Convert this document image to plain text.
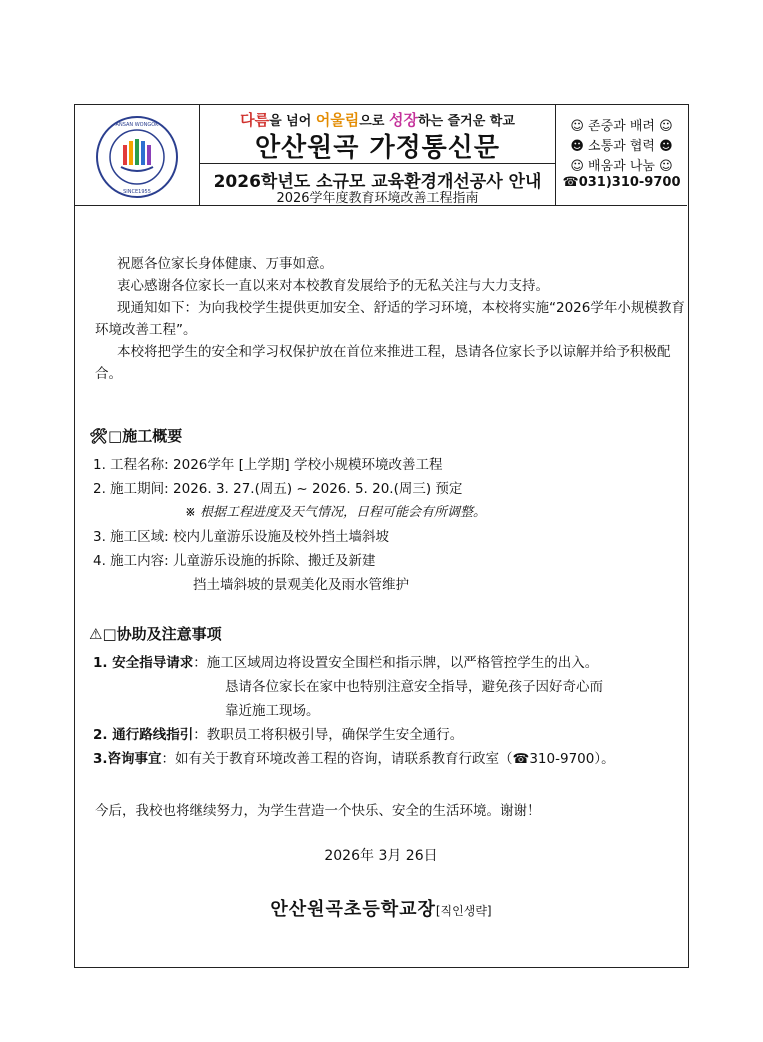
ANSAN WONGOK
SINCE1955
다름을 넘어 어울림으로 성장하는 즐거운 학교
안산원곡 가정통신문
2026학년도 소규모 교육환경개선공사 안내
2026学年度教育环境改善工程指南
☺ 존중과 배려 ☺
☻ 소통과 협력 ☻
☺ 배움과 나눔 ☺
☎031)310-9700

祝愿各位家长身体健康、万事如意。

衷心感谢各位家长一直以来对本校教育发展给予的无私关注与大力支持。

现通知如下：为向我校学生提供更加安全、舒适的学习环境，本校将实施“2026学年小规模教育环境改善工程”。

本校将把学生的安全和学习权保护放在首位来推进工程，恳请各位家长予以谅解并给予积极配合。

🛠□施工概要
1. 工程名称: 2026学年 [上学期] 学校小规模环境改善工程
2. 施工期间: 2026. 3. 27.(周五) ~ 2026. 5. 20.(周三) 预定
※ 根据工程进度及天气情况，日程可能会有所调整。
3. 施工区域: 校内儿童游乐设施及校外挡土墙斜坡
4. 施工内容: 儿童游乐设施的拆除、搬迁及新建
挡土墙斜坡的景观美化及雨水管维护
⚠□协助及注意事项
1. 安全指导请求：施工区域周边将设置安全围栏和指示牌，以严格管控学生的出入。
恳请各位家长在家中也特别注意安全指导，避免孩子因好奇心而
靠近施工现场。
2. 通行路线指引：教职员工将积极引导，确保学生安全通行。
3.咨询事宜：如有关于教育环境改善工程的咨询，请联系教育行政室（☎310-9700）。
今后，我校也将继续努力，为学生营造一个快乐、安全的生活环境。谢谢！
2026年 3月 26日
안산원곡초등학교장[직인생략]
